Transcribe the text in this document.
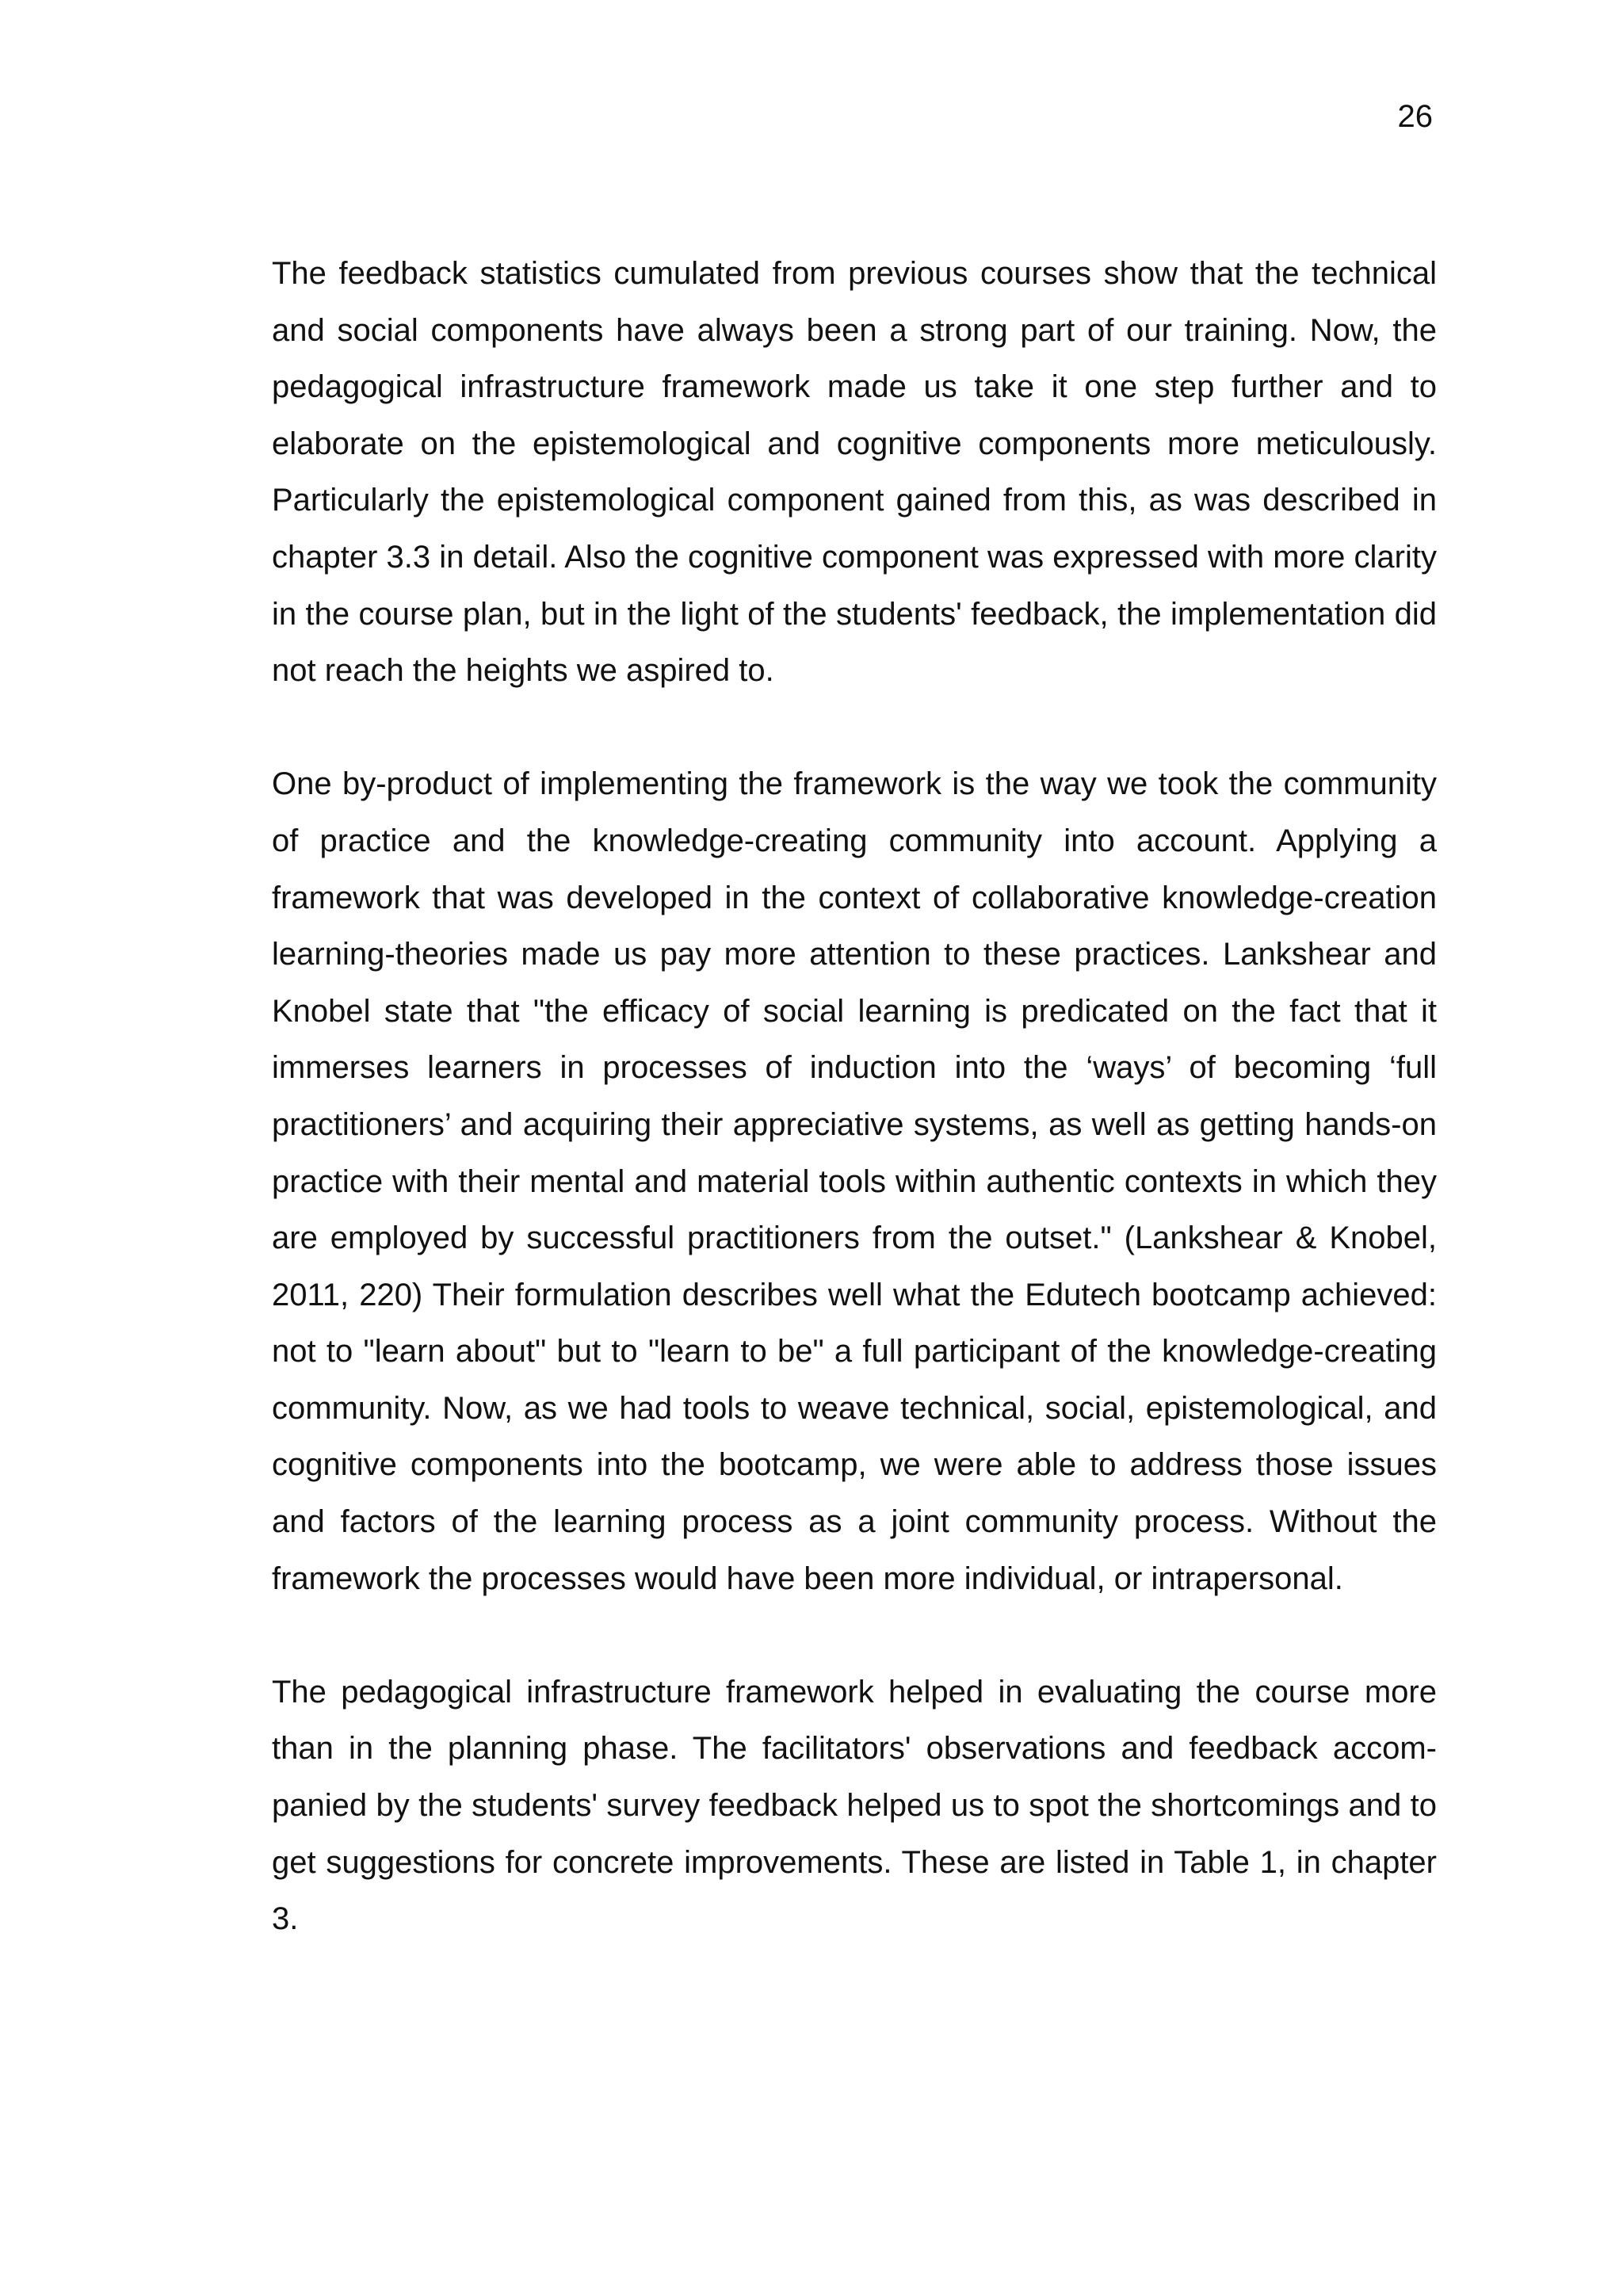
26

The feedback statistics cumulated from previous courses show that the technical and social components have always been a strong part of our training. Now, the pedagogical infrastructure framework made us take it one step further and to elaborate on the epistemological and cognitive components more meticulously. Particularly the epistemological component gained from this, as was described in chapter 3.3 in detail. Also the cognitive component was expressed with more clarity in the course plan, but in the light of the students' feedback, the implementation did not reach the heights we aspired to.

One by-product of implementing the framework is the way we took the community of practice and the knowledge-creating community into account. Applying a framework that was developed in the context of collaborative knowledge-creation learning-theories made us pay more attention to these practices. Lankshear and Knobel state that "the efficacy of social learning is predicated on the fact that it immerses learners in processes of induction into the ‘ways’ of becoming ‘full practitioners’ and acquiring their appreciative systems, as well as getting hands-on practice with their mental and material tools within authentic contexts in which they are employed by successful practitioners from the outset." (Lankshear & Knobel, 2011, 220) Their formulation describes well what the Edutech bootcamp achieved: not to "learn about" but to "learn to be" a full participant of the knowledge-creating community. Now, as we had tools to weave technical, social, epistemological, and cognitive components into the bootcamp, we were able to address those issues and factors of the learning process as a joint community process. Without the framework the processes would have been more individual, or intrapersonal.

The pedagogical infrastructure framework helped in evaluating the course more than in the planning phase. The facilitators' observations and feedback accompanied by the students' survey feedback helped us to spot the shortcomings and to get suggestions for concrete improvements. These are listed in Table 1, in chapter 3.
